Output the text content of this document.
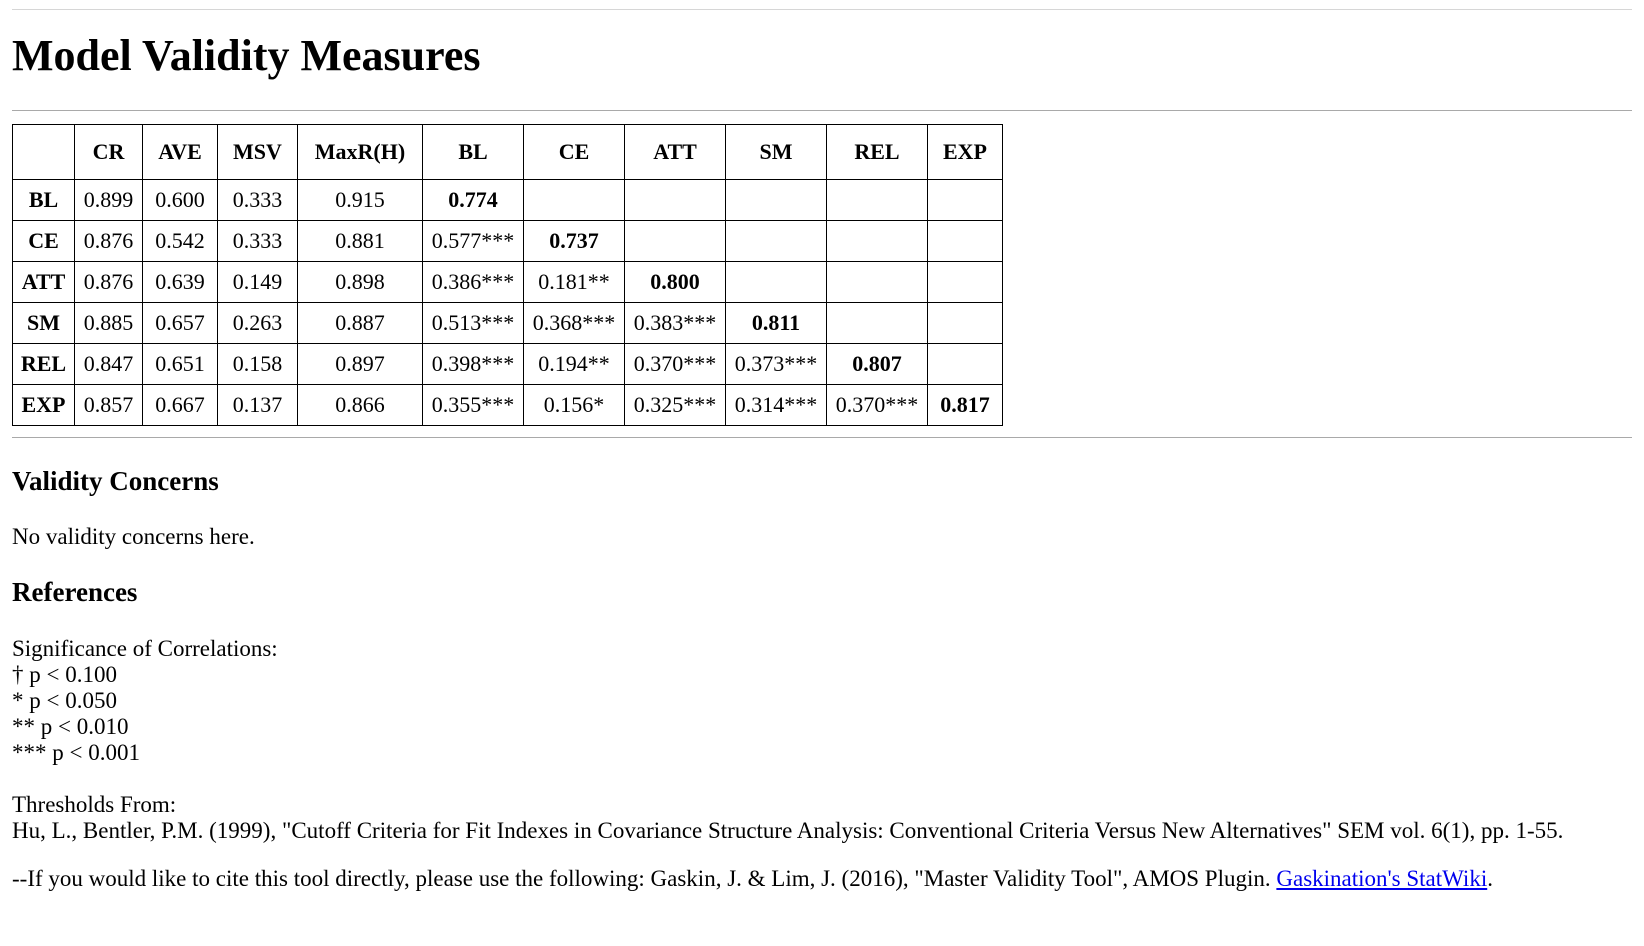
Model Validity Measures
	CR	AVE	MSV	MaxR(H)	BL	CE	ATT	SM	REL	EXP
BL	0.899	0.600	0.333	0.915	0.774					
CE	0.876	0.542	0.333	0.881	0.577***	0.737				
ATT	0.876	0.639	0.149	0.898	0.386***	0.181**	0.800			
SM	0.885	0.657	0.263	0.887	0.513***	0.368***	0.383***	0.811		
REL	0.847	0.651	0.158	0.897	0.398***	0.194**	0.370***	0.373***	0.807	
EXP	0.857	0.667	0.137	0.866	0.355***	0.156*	0.325***	0.314***	0.370***	0.817
Validity Concerns

No validity concerns here.

References

Significance of Correlations:

† p < 0.100

* p < 0.050

** p < 0.010

*** p < 0.001

Thresholds From:

Hu, L., Bentler, P.M. (1999), "Cutoff Criteria for Fit Indexes in Covariance Structure Analysis: Conventional Criteria Versus New Alternatives" SEM vol. 6(1), pp. 1-55.

--If you would like to cite this tool directly, please use the following: Gaskin, J. & Lim, J. (2016), "Master Validity Tool", AMOS Plugin. Gaskination's StatWiki.
